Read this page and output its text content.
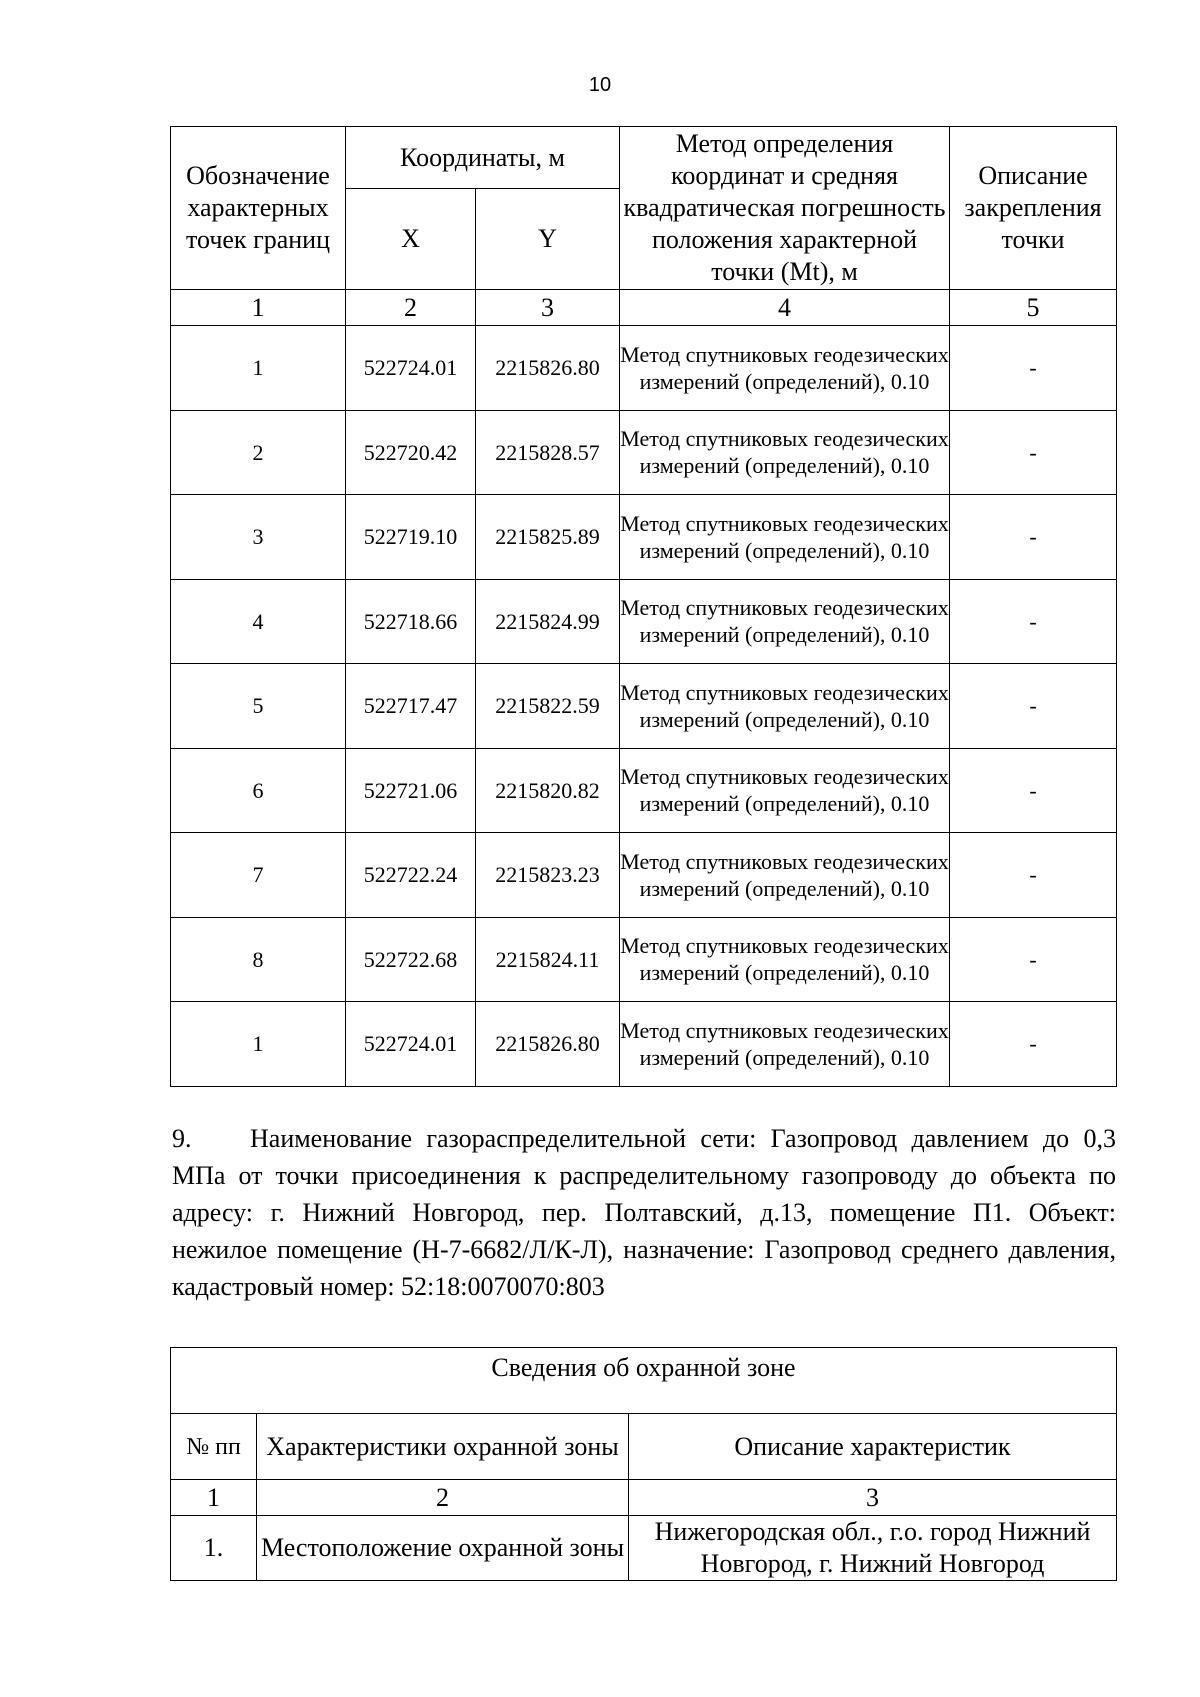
10
Обозначение характерных точек границ	Координаты, м		Метод определения координат и средняя квадратическая погрешность положения характерной точки (Mt), м	Описание закрепления точки
	X	Y		
1	2	3	4	5
1	522724.01	2215826.80	Метод спутниковых геодезических измерений (определений), 0.10	-
2	522720.42	2215828.57	Метод спутниковых геодезических измерений (определений), 0.10	-
3	522719.10	2215825.89	Метод спутниковых геодезических измерений (определений), 0.10	-
4	522718.66	2215824.99	Метод спутниковых геодезических измерений (определений), 0.10	-
5	522717.47	2215822.59	Метод спутниковых геодезических измерений (определений), 0.10	-
6	522721.06	2215820.82	Метод спутниковых геодезических измерений (определений), 0.10	-
7	522722.24	2215823.23	Метод спутниковых геодезических измерений (определений), 0.10	-
8	522722.68	2215824.11	Метод спутниковых геодезических измерений (определений), 0.10	-
1	522724.01	2215826.80	Метод спутниковых геодезических измерений (определений), 0.10	-

9. Наименование газораспределительной сети: Газопровод давлением до 0,3 МПа от точки присоединения к распределительному газопроводу до объекта по адресу: г. Нижний Новгород, пер. Полтавский, д.13, помещение П1. Объект: нежилое помещение (Н-7-6682/Л/К-Л), назначение: Газопровод среднего давления, кадастровый номер: 52:18:0070070:803

Сведения об охранной зоне		
№ пп	Характеристики охранной зоны	Описание характеристик
1	2	3
1.	Местоположение охранной зоны	Нижегородская обл., г.о. город Нижний Новгород, г. Нижний Новгород
